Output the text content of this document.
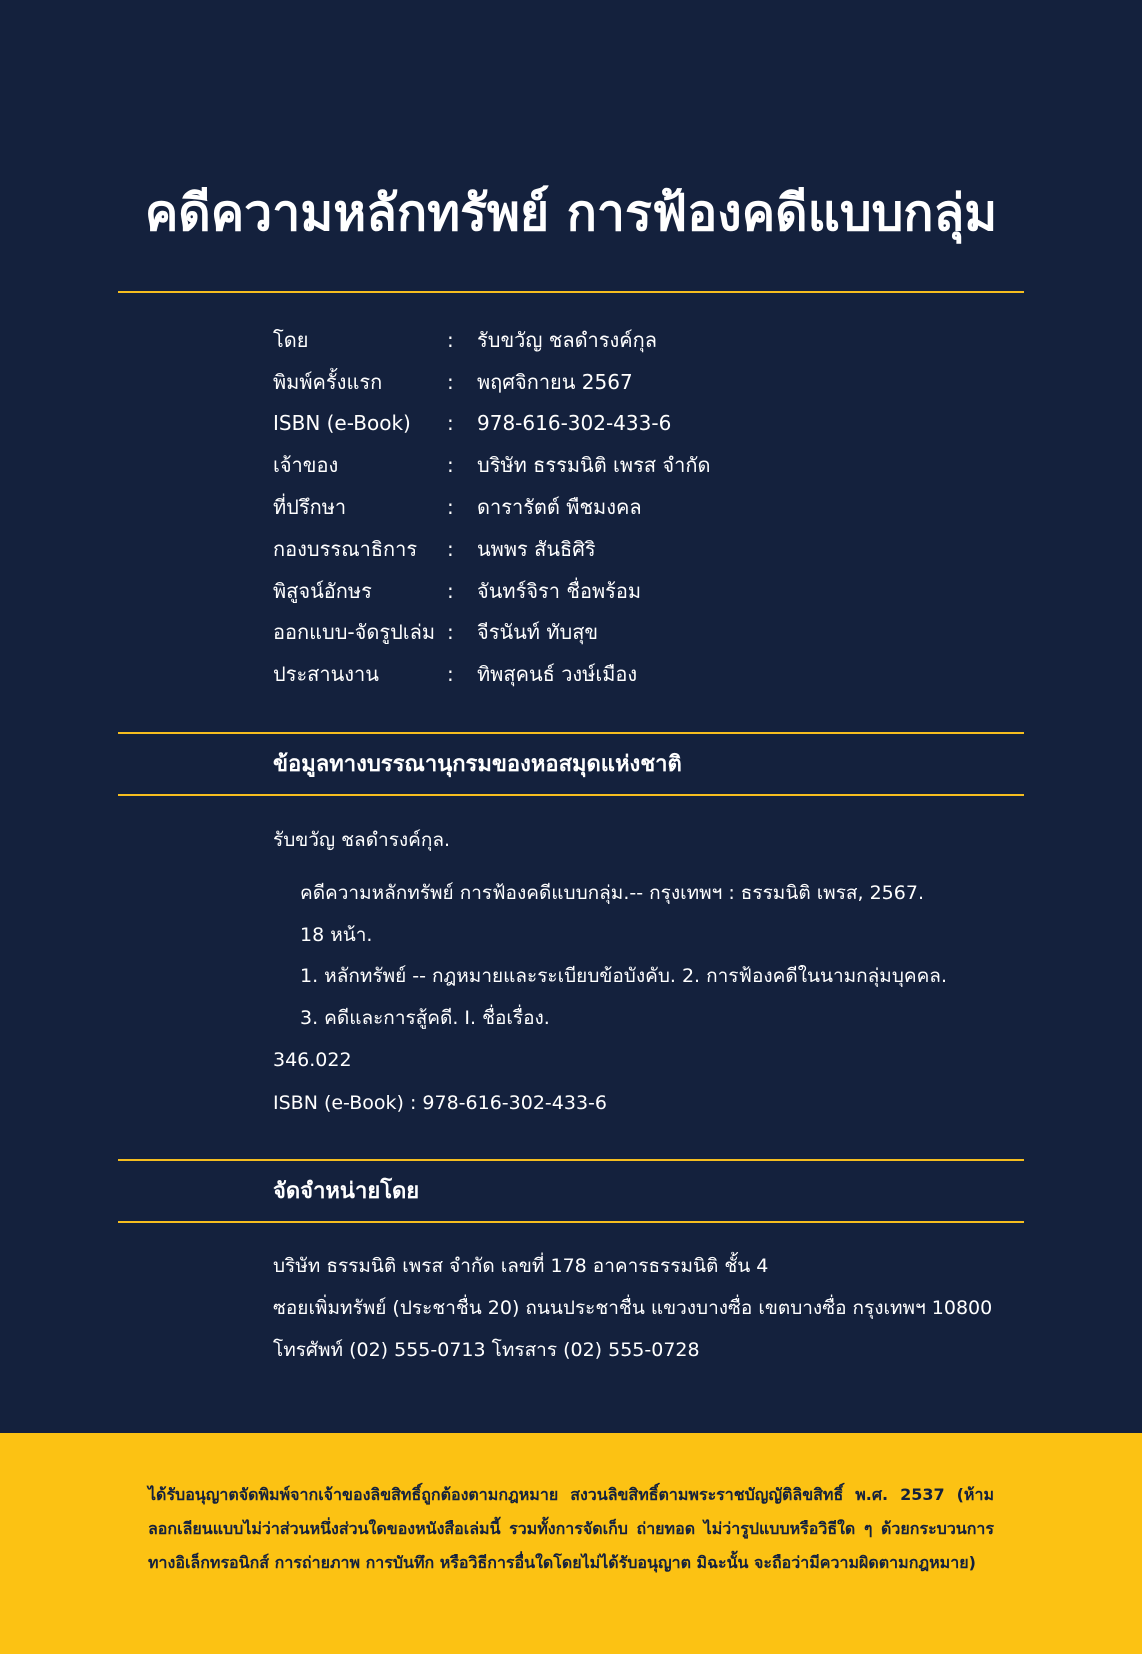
คดีความหลักทรัพย์ การฟ้องคดีแบบกลุ่ม
โดย	:	รับขวัญ ชลดำรงค์กุล
พิมพ์ครั้งแรก	:	พฤศจิกายน 2567
ISBN (e-Book)	:	978-616-302-433-6
เจ้าของ	:	บริษัท ธรรมนิติ เพรส จำกัด
ที่ปรึกษา	:	ดารารัตต์ พืชมงคล
กองบรรณาธิการ	:	นพพร สันธิศิริ
พิสูจน์อักษร	:	จันทร์จิรา ชื่อพร้อม
ออกแบบ-จัดรูปเล่ม :	จีรนันท์ ทับสุข
ประสานงาน	:	ทิพสุคนธ์ วงษ์เมือง
ข้อมูลทางบรรณานุกรมของหอสมุดแห่งชาติ

รับขวัญ ชลดำรงค์กุล.

คดีความหลักทรัพย์ การฟ้องคดีแบบกลุ่ม.-- กรุงเทพฯ : ธรรมนิติ เพรส, 2567.

18 หน้า.

1. หลักทรัพย์ -- กฎหมายและระเบียบข้อบังคับ. 2. การฟ้องคดีในนามกลุ่มบุคคล.

3. คดีและการสู้คดี. I. ชื่อเรื่อง.

346.022

ISBN (e-Book) : 978-616-302-433-6

จัดจำหน่ายโดย

บริษัท ธรรมนิติ เพรส จำกัด เลขที่ 178 อาคารธรรมนิติ ชั้น 4

ซอยเพิ่มทรัพย์ (ประชาชื่น 20) ถนนประชาชื่น แขวงบางซื่อ เขตบางซื่อ กรุงเทพฯ 10800

โทรศัพท์ (02) 555-0713 โทรสาร (02) 555-0728

ได้รับอนุญาตจัดพิมพ์จากเจ้าของลิขสิทธิ์ถูกต้องตามกฎหมาย สงวนลิขสิทธิ์ตามพระราชบัญญัติลิขสิทธิ์ พ.ศ. 2537 (ห้ามลอกเลียนแบบไม่ว่าส่วนหนึ่งส่วนใดของหนังสือเล่มนี้ รวมทั้งการจัดเก็บ ถ่ายทอด ไม่ว่ารูปแบบหรือวิธีใด ๆ ด้วยกระบวนการทางอิเล็กทรอนิกส์ การถ่ายภาพ การบันทึก หรือวิธีการอื่นใดโดยไม่ได้รับอนุญาต มิฉะนั้น จะถือว่ามีความผิดตามกฎหมาย)
